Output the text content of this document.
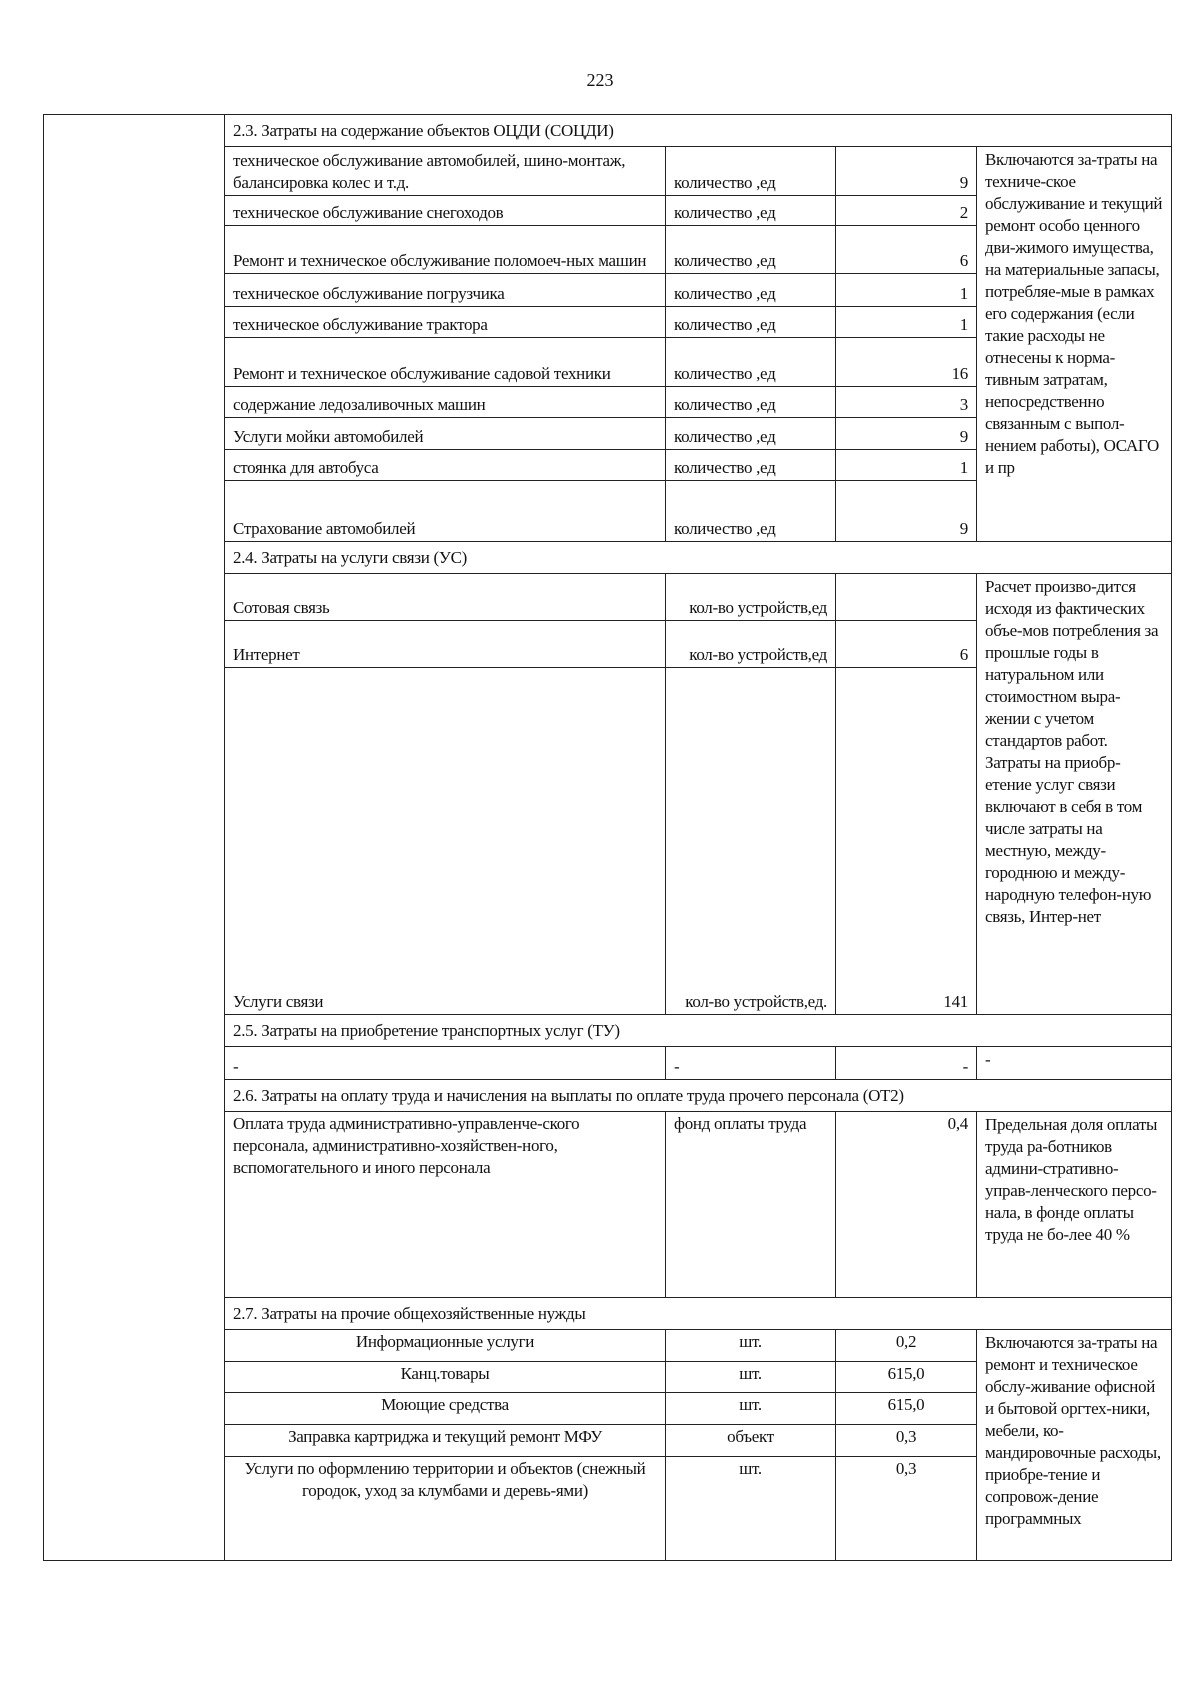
223
	2.3. Затраты на содержание объектов ОЦДИ (СОЦДИ)			
	техническое обслуживание автомобилей, шино-монтаж, балансировка колес и т.д.	количество ,ед	9	Включаются за-траты на техниче-ское обслуживание и текущий ремонт особо ценного дви-жимого имущества, на материальные запасы, потребляе-мые в рамках его содержания (если такие расходы не отнесены к норма-тивным затратам, непосредственно связанным с выпол-нением работы), ОСАГО и пр
	техническое обслуживание снегоходов	количество ,ед	2	
	Ремонт и техническое обслуживание поломоеч-ных машин	количество ,ед	6	
	техническое обслуживание погрузчика	количество ,ед	1	
	техническое обслуживание трактора	количество ,ед	1	
	Ремонт и техническое обслуживание садовой техники	количество ,ед	16	
	содержание ледозаливочных машин	количество ,ед	3	
	Услуги мойки автомобилей	количество ,ед	9	
	стоянка для автобуса	количество ,ед	1	
	Страхование автомобилей	количество ,ед	9	
	2.4. Затраты на услуги связи (УС)			
	Сотовая связь	кол-во устройств,ед		Расчет произво-дится исходя из фактических объе-мов потребления за прошлые годы в натуральном или стоимостном выра-жении с учетом стандартов работ. Затраты на приобр-етение услуг связи включают в себя в том числе затраты на местную, между-городнюю и между-народную телефон-ную связь, Интер-нет
	Интернет	кол-во устройств,ед	6	
	Услуги связи	кол-во устройств,ед.	141	
	2.5. Затраты на приобретение транспортных услуг (ТУ)			
	-	-	-	-
	2.6. Затраты на оплату труда и начисления на выплаты по оплате труда прочего персонала (ОТ2)			
	Оплата труда административно-управленче-ского персонала, административно-хозяйствен-ного, вспомогательного и иного персонала	фонд оплаты труда	0,4	Предельная доля оплаты труда ра-ботников админи-стративно-управ-ленческого персо-нала, в фонде оплаты труда не бо-лее 40 %
	2.7. Затраты на прочие общехозяйственные нужды			
	Информационные услуги	шт.	0,2	Включаются за-траты на ремонт и техническое обслу-живание офисной и бытовой оргтех-ники, мебели, ко-мандировочные расходы, приобре-тение и сопровож-дение программных
	Канц.товары	шт.	615,0	
	Моющие средства	шт.	615,0	
	Заправка картриджа и текущий ремонт МФУ	объект	0,3	
	Услуги по оформлению территории и объектов (снежный городок, уход за клумбами и деревь-ями)	шт.	0,3	
